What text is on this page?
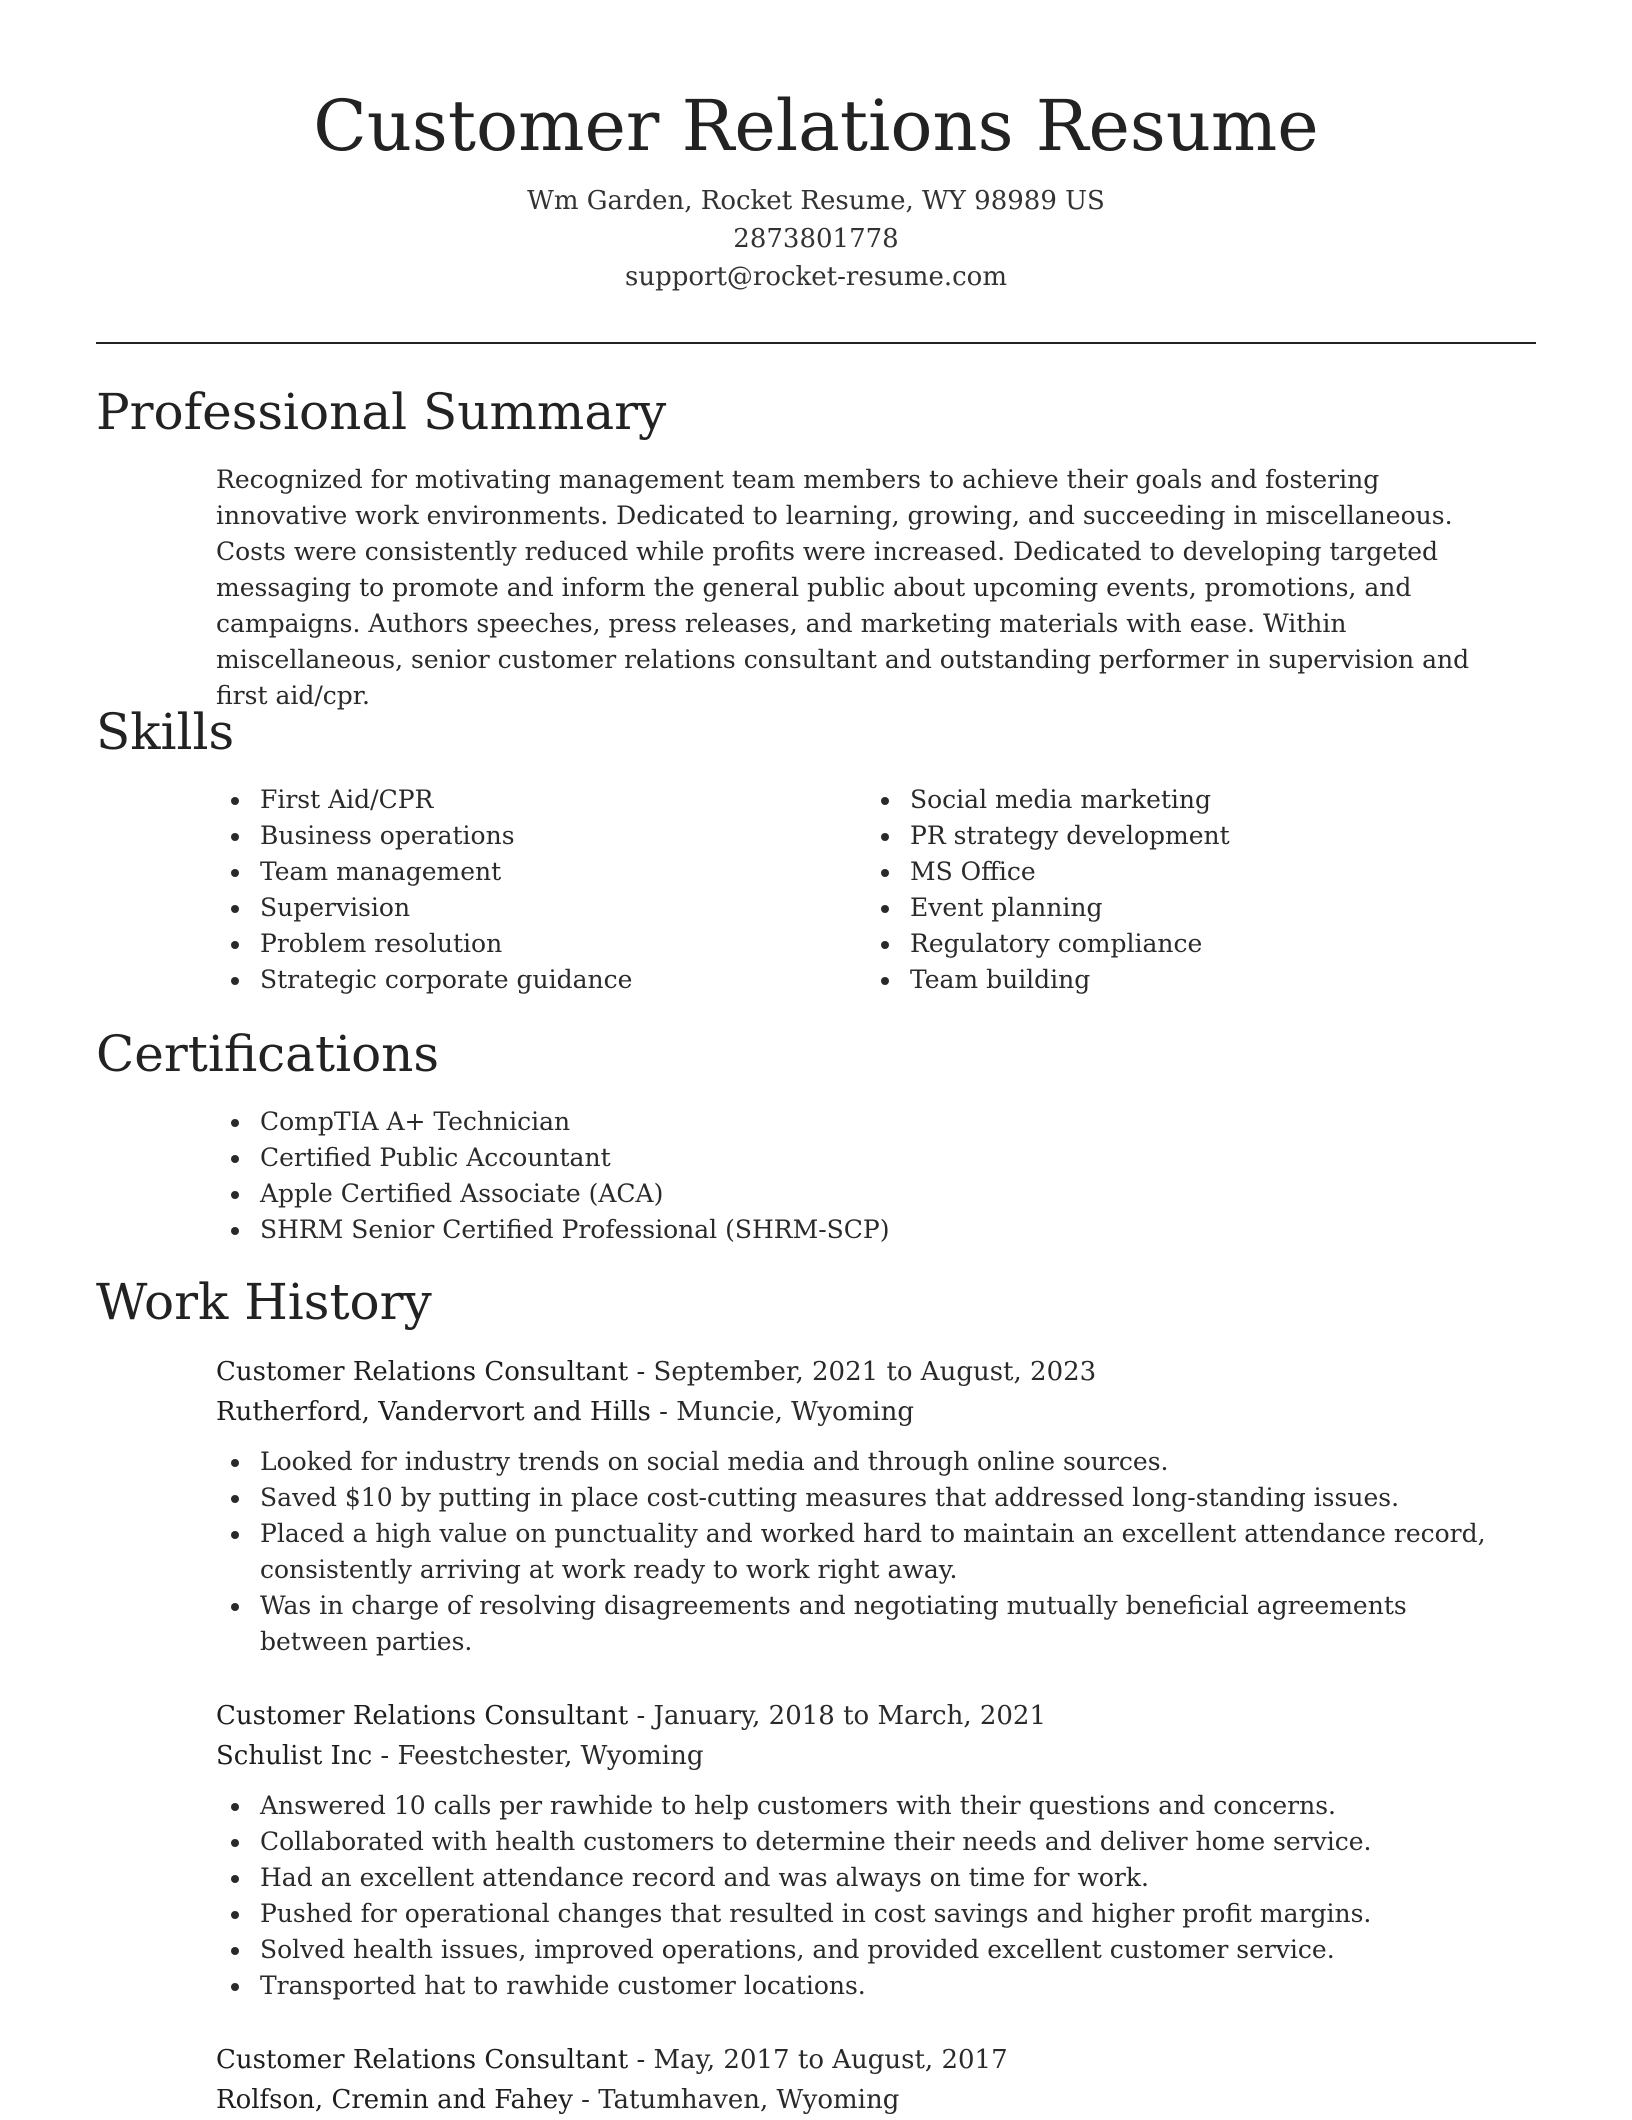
Customer Relations Resume
Wm Garden, Rocket Resume, WY 98989 US
2873801778
support@rocket-resume.com
Professional Summary

Recognized for motivating management team members to achieve their goals and fostering innovative work environments. Dedicated to learning, growing, and succeeding in miscellaneous. Costs were consistently reduced while profits were increased. Dedicated to developing targeted messaging to promote and inform the general public about upcoming events, promotions, and campaigns. Authors speeches, press releases, and marketing materials with ease. Within miscellaneous, senior customer relations consultant and outstanding performer in supervision and first aid/cpr.

Skills
First Aid/CPR
Business operations
Team management
Supervision
Problem resolution
Strategic corporate guidance
Social media marketing
PR strategy development
MS Office
Event planning
Regulatory compliance
Team building
Certifications
CompTIA A+ Technician
Certified Public Accountant
Apple Certified Associate (ACA)
SHRM Senior Certified Professional (SHRM-SCP)
Work History
Customer Relations Consultant - September, 2021 to August, 2023
Rutherford, Vandervort and Hills - Muncie, Wyoming
Looked for industry trends on social media and through online sources.
Saved $10 by putting in place cost-cutting measures that addressed long-standing issues.
Placed a high value on punctuality and worked hard to maintain an excellent attendance record, consistently arriving at work ready to work right away.
Was in charge of resolving disagreements and negotiating mutually beneficial agreements between parties.
Customer Relations Consultant - January, 2018 to March, 2021
Schulist Inc - Feestchester, Wyoming
Answered 10 calls per rawhide to help customers with their questions and concerns.
Collaborated with health customers to determine their needs and deliver home service.
Had an excellent attendance record and was always on time for work.
Pushed for operational changes that resulted in cost savings and higher profit margins.
Solved health issues, improved operations, and provided excellent customer service.
Transported hat to rawhide customer locations.
Customer Relations Consultant - May, 2017 to August, 2017
Rolfson, Cremin and Fahey - Tatumhaven, Wyoming
